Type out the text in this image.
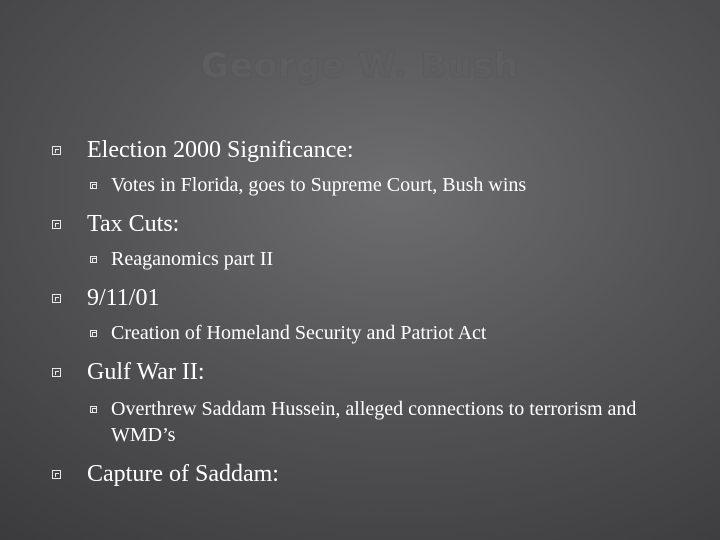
George W. Bush
Election 2000 Significance:
Votes in Florida, goes to Supreme Court, Bush wins
Tax Cuts:
Reaganomics part II
9/11/01
Creation of Homeland Security and Patriot Act
Gulf War II:
Overthrew Saddam Hussein, alleged connections to terrorism and WMD’s
Capture of Saddam:
